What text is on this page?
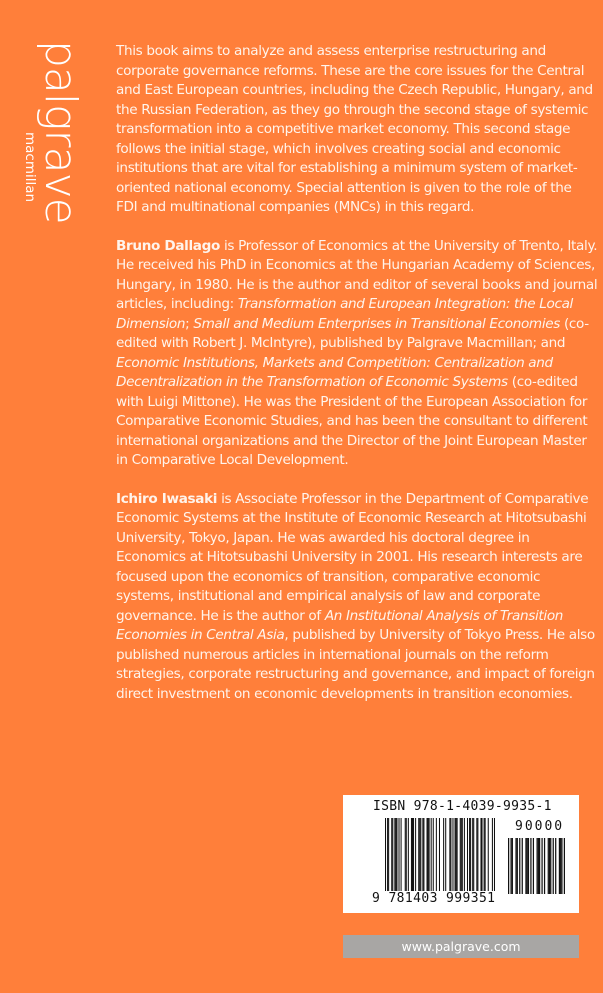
palgrave
macmillan

This book aims to analyze and assess enterprise restructuring and
corporate governance reforms. These are the core issues for the Central
and East European countries, including the Czech Republic, Hungary, and
the Russian Federation, as they go through the second stage of systemic
transformation into a competitive market economy. This second stage
follows the initial stage, which involves creating social and economic
institutions that are vital for establishing a minimum system of market-
oriented national economy. Special attention is given to the role of the
FDI and multinational companies (MNCs) in this regard.

Bruno Dallago is Professor of Economics at the University of Trento, Italy.
He received his PhD in Economics at the Hungarian Academy of Sciences,
Hungary, in 1980. He is the author and editor of several books and journal
articles, including: Transformation and European Integration: the Local
Dimension; Small and Medium Enterprises in Transitional Economies (co-
edited with Robert J. McIntyre), published by Palgrave Macmillan; and
Economic Institutions, Markets and Competition: Centralization and
Decentralization in the Transformation of Economic Systems (co-edited
with Luigi Mittone). He was the President of the European Association for
Comparative Economic Studies, and has been the consultant to different
international organizations and the Director of the Joint European Master
in Comparative Local Development.

Ichiro Iwasaki is Associate Professor in the Department of Comparative
Economic Systems at the Institute of Economic Research at Hitotsubashi
University, Tokyo, Japan. He was awarded his doctoral degree in
Economics at Hitotsubashi University in 2001. His research interests are
focused upon the economics of transition, comparative economic
systems, institutional and empirical analysis of law and corporate
governance. He is the author of An Institutional Analysis of Transition
Economies in Central Asia, published by University of Tokyo Press. He also
published numerous articles in international journals on the reform
strategies, corporate restructuring and governance, and impact of foreign
direct investment on economic developments in transition economies.

ISBN 978-1-4039-9935-1
90000
9 781403 999351
www.palgrave.com
